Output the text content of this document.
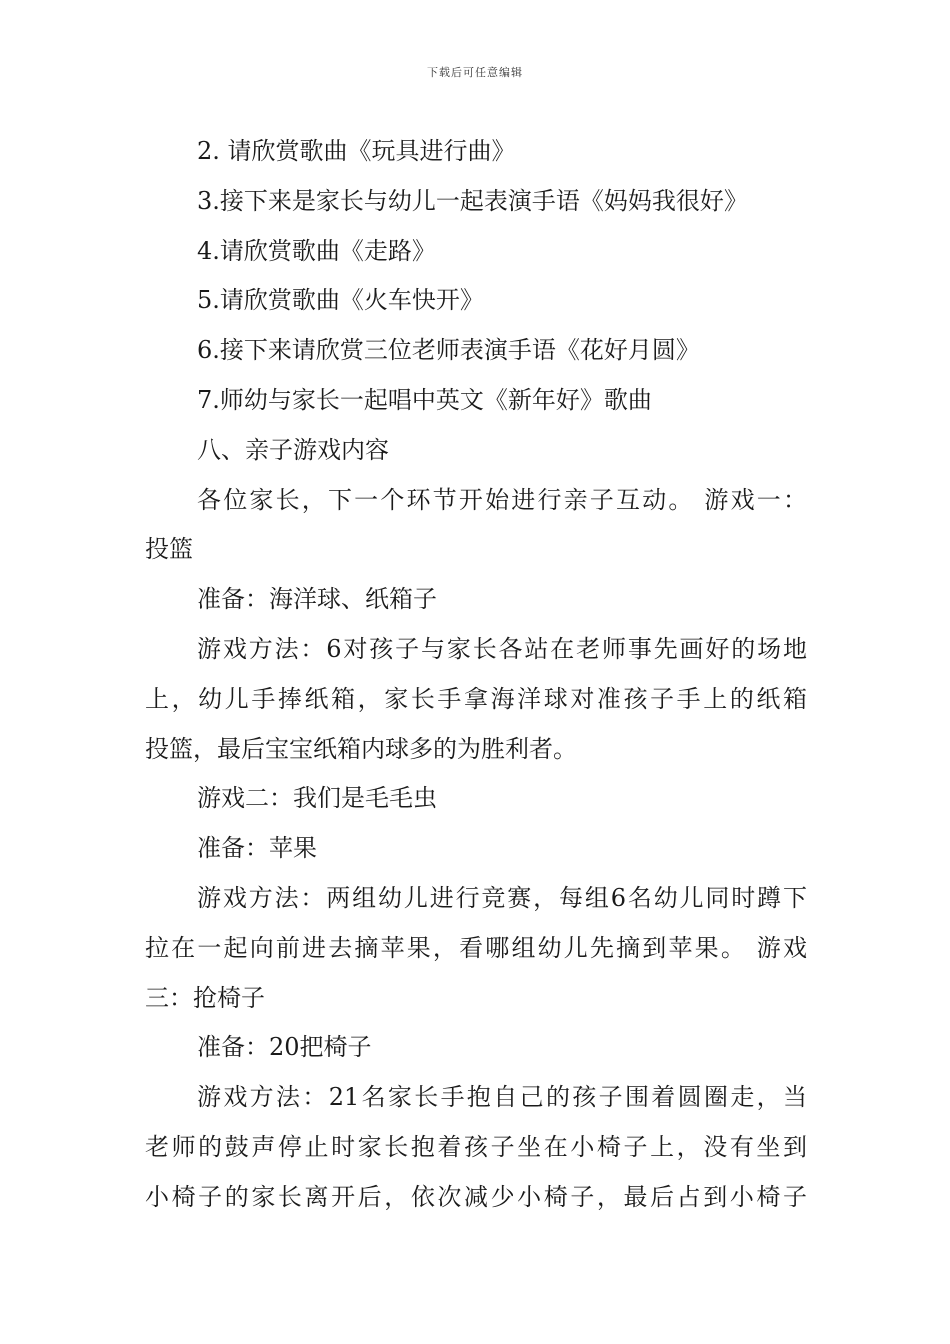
下载后可任意编辑
2. 请欣赏歌曲《玩具进行曲》
3.接下来是家长与幼儿一起表演手语《妈妈我很好》
4.请欣赏歌曲《走路》
5.请欣赏歌曲《火车快开》
6.接下来请欣赏三位老师表演手语《花好月圆》
7.师幼与家长一起唱中英文《新年好》歌曲
八、亲子游戏内容
各位家长，下一个环节开始进行亲子互动。 游戏一：
投篮
准备：海洋球、纸箱子
游戏方法：6对孩子与家长各站在老师事先画好的场地
上，幼儿手捧纸箱，家长手拿海洋球对准孩子手上的纸箱
投篮，最后宝宝纸箱内球多的为胜利者。
游戏二：我们是毛毛虫
准备：苹果
游戏方法：两组幼儿进行竞赛，每组6名幼儿同时蹲下
拉在一起向前进去摘苹果，看哪组幼儿先摘到苹果。 游戏
三：抢椅子
准备：20把椅子
游戏方法：21名家长手抱自己的孩子围着圆圈走，当
老师的鼓声停止时家长抱着孩子坐在小椅子上，没有坐到
小椅子的家长离开后，依次减少小椅子，最后占到小椅子
